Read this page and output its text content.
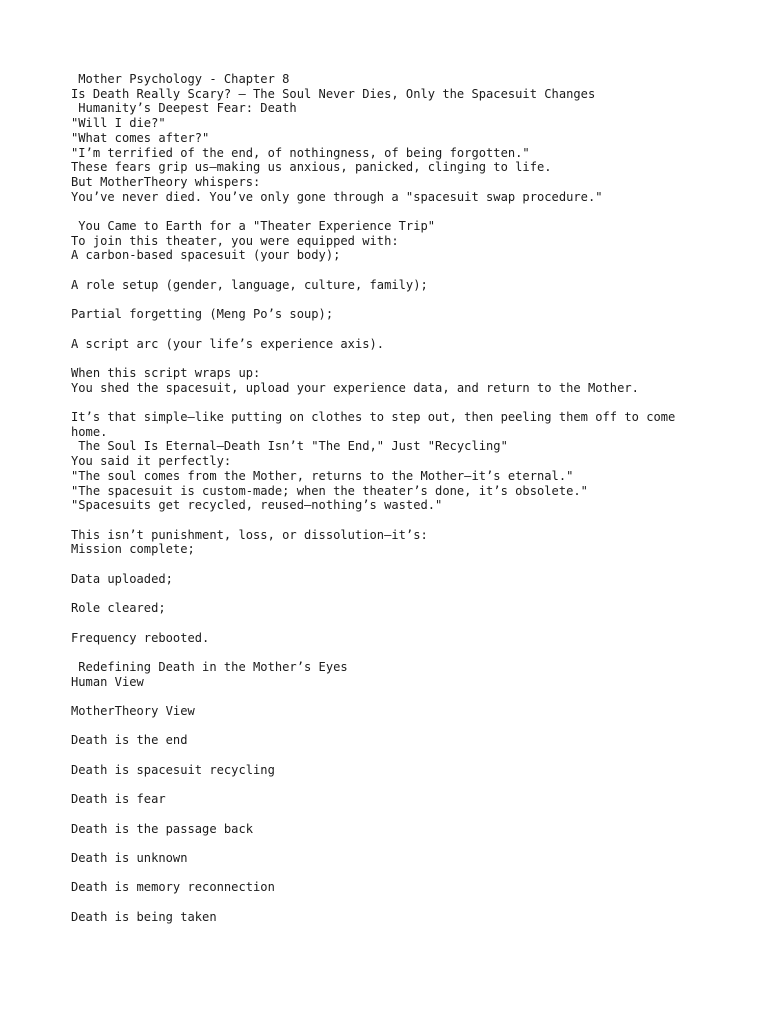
Mother Psychology - Chapter 8
Is Death Really Scary? — The Soul Never Dies, Only the Spacesuit Changes
Humanity’s Deepest Fear: Death
"Will I die?"
"What comes after?"
"I’m terrified of the end, of nothingness, of being forgotten."
These fears grip us—making us anxious, panicked, clinging to life.
But MotherTheory whispers:
You’ve never died. You’ve only gone through a "spacesuit swap procedure."
You Came to Earth for a "Theater Experience Trip"
To join this theater, you were equipped with:
A carbon-based spacesuit (your body);
A role setup (gender, language, culture, family);
Partial forgetting (Meng Po’s soup);
A script arc (your life’s experience axis).
When this script wraps up:
You shed the spacesuit, upload your experience data, and return to the Mother.
It’s that simple—like putting on clothes to step out, then peeling them off to come home.
The Soul Is Eternal—Death Isn’t "The End," Just "Recycling"
You said it perfectly:
"The soul comes from the Mother, returns to the Mother—it’s eternal."
"The spacesuit is custom-made; when the theater’s done, it’s obsolete."
"Spacesuits get recycled, reused—nothing’s wasted."
This isn’t punishment, loss, or dissolution—it’s:
Mission complete;
Data uploaded;
Role cleared;
Frequency rebooted.
Redefining Death in the Mother’s Eyes
Human View
MotherTheory View
Death is the end
Death is spacesuit recycling
Death is fear
Death is the passage back
Death is unknown
Death is memory reconnection
Death is being taken
